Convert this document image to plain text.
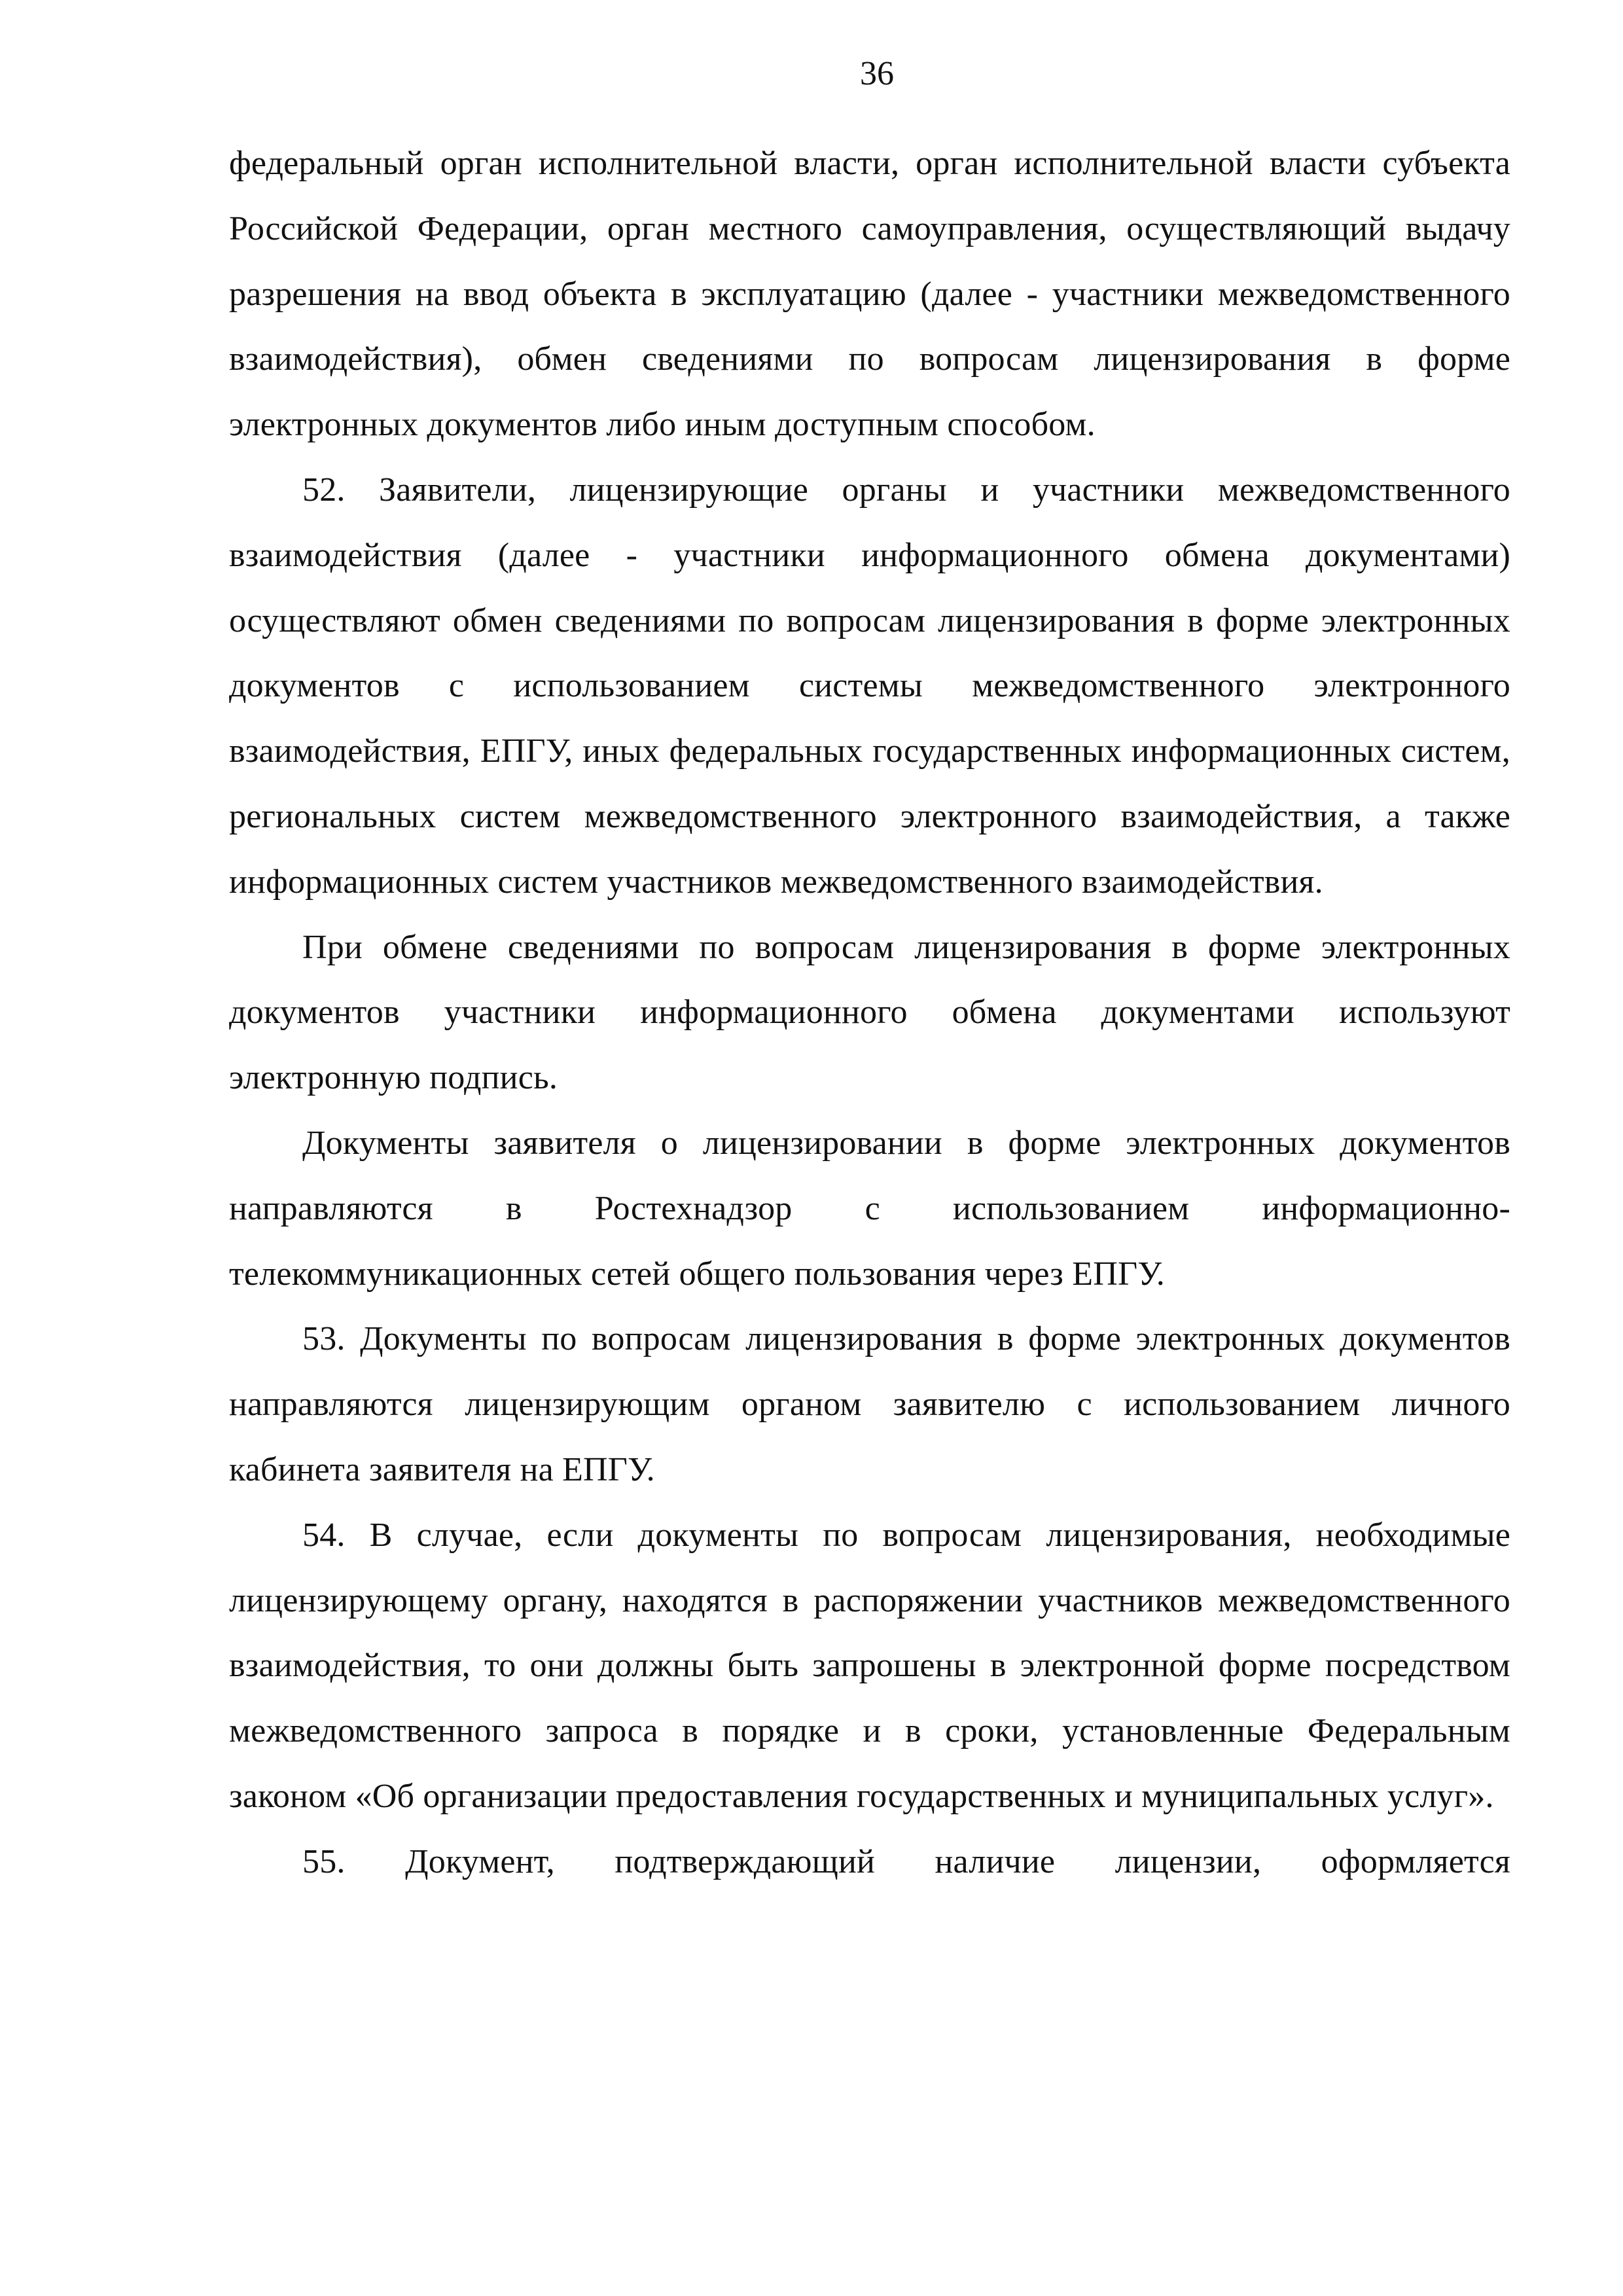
36

федеральный орган исполнительной власти, орган исполнительной власти субъекта Российской Федерации, орган местного самоуправления, осуществляющий выдачу разрешения на ввод объекта в эксплуатацию (далее - участники межведомственного взаимодействия), обмен сведениями по вопросам лицензирования в форме электронных документов либо иным доступным способом.

52. Заявители, лицензирующие органы и участники межведомственного взаимодействия (далее - участники информационного обмена документами) осуществляют обмен сведениями по вопросам лицензирования в форме электронных документов с использованием системы межведомственного электронного взаимодействия, ЕПГУ, иных федеральных государственных информационных систем, региональных систем межведомственного электронного взаимодействия, а также информационных систем участников межведомственного взаимодействия.

При обмене сведениями по вопросам лицензирования в форме электронных документов участники информационного обмена документами используют электронную подпись.

Документы заявителя о лицензировании в форме электронных документов направляются в Ростехнадзор с использованием информационно-телекоммуникационных сетей общего пользования через ЕПГУ.

53. Документы по вопросам лицензирования в форме электронных документов направляются лицензирующим органом заявителю с использованием личного кабинета заявителя на ЕПГУ.

54. В случае, если документы по вопросам лицензирования, необходимые лицензирующему органу, находятся в распоряжении участников межведомственного взаимодействия, то они должны быть запрошены в электронной форме посредством межведомственного запроса в порядке и в сроки, установленные Федеральным законом «Об организации предоставления государственных и муниципальных услуг».

55. Документ, подтверждающий наличие лицензии, оформляется
